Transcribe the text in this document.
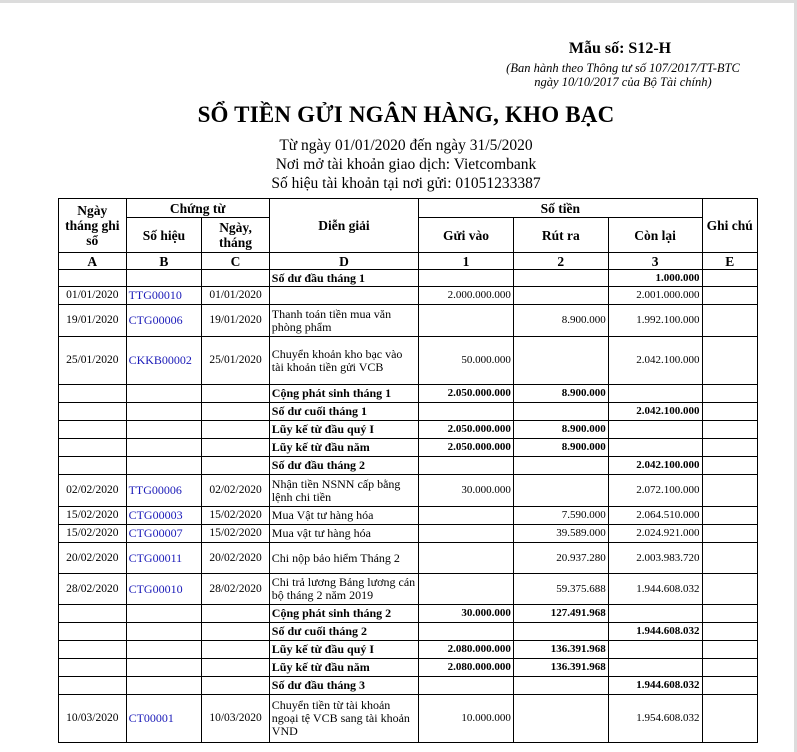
Mẫu số: S12-H
(Ban hành theo Thông tư số 107/2017/TT-BTC
ngày 10/10/2017 của Bộ Tài chính)
SỔ TIỀN GỬI NGÂN HÀNG, KHO BẠC
Từ ngày 01/01/2020 đến ngày 31/5/2020
Nơi mở tài khoản giao dịch: Vietcombank
Số hiệu tài khoản tại nơi gửi: 01051233387
Ngày tháng ghi sổ	Chứng từ		Diễn giải	Số tiền			Ghi chú
	Số hiệu	Ngày, tháng		Gửi vào	Rút ra	Còn lại	
A	B	C	D	1	2	3	E
			Số dư đầu tháng 1			1.000.000	
01/01/2020	TTG00010	01/01/2020		2.000.000.000		2.001.000.000	
19/01/2020	CTG00006	19/01/2020	Thanh toán tiền mua văn phòng phẩm		8.900.000	1.992.100.000	
25/01/2020	CKKB00002	25/01/2020	Chuyển khoản kho bạc vào tài khoản tiền gửi VCB	50.000.000		2.042.100.000	
			Cộng phát sinh tháng 1	2.050.000.000	8.900.000		
			Số dư cuối tháng 1			2.042.100.000	
			Lũy kế từ đầu quý I	2.050.000.000	8.900.000		
			Lũy kế từ đầu năm	2.050.000.000	8.900.000		
			Số dư đầu tháng 2			2.042.100.000	
02/02/2020	TTG00006	02/02/2020	Nhận tiền NSNN cấp bằng lệnh chi tiền	30.000.000		2.072.100.000	
15/02/2020	CTG00003	15/02/2020	Mua Vật tư hàng hóa		7.590.000	2.064.510.000	
15/02/2020	CTG00007	15/02/2020	Mua vật tư hàng hóa		39.589.000	2.024.921.000	
20/02/2020	CTG00011	20/02/2020	Chi nộp bảo hiểm Tháng 2		20.937.280	2.003.983.720	
28/02/2020	CTG00010	28/02/2020	Chi trả lương Bảng lương cán bộ tháng 2 năm 2019		59.375.688	1.944.608.032	
			Cộng phát sinh tháng 2	30.000.000	127.491.968		
			Số dư cuối tháng 2			1.944.608.032	
			Lũy kế từ đầu quý I	2.080.000.000	136.391.968		
			Lũy kế từ đầu năm	2.080.000.000	136.391.968		
			Số dư đầu tháng 3			1.944.608.032	
10/03/2020	CT00001	10/03/2020	Chuyển tiền từ tài khoản ngoại tệ VCB sang tài khoản VND	10.000.000		1.954.608.032	
